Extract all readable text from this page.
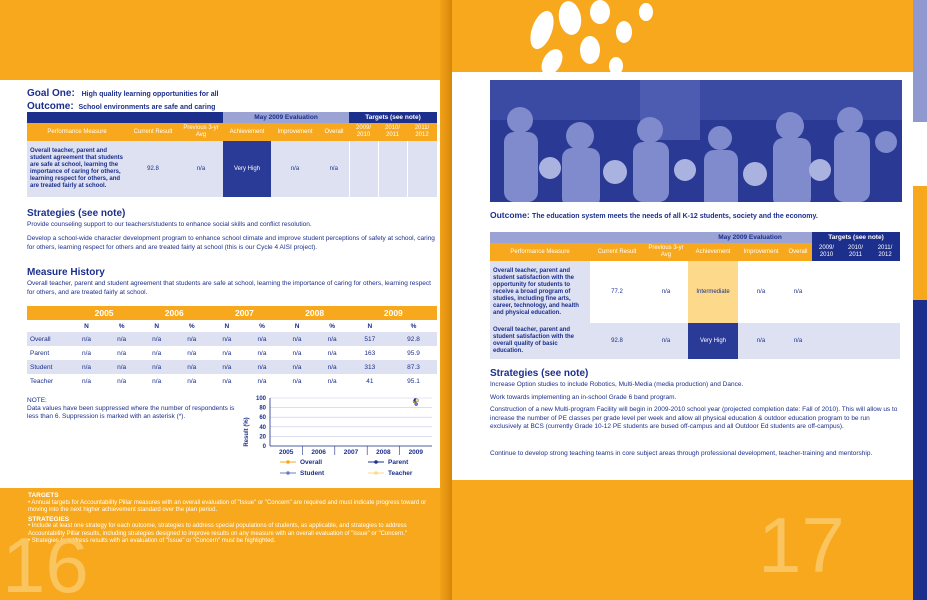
Goal One: High quality learning opportunities for all
Outcome: School environments are safe and caring
			May 2009 Evaluation			Targets (see note)		
Performance Measure	Current Result	Previous 3-yr Avg	Achievement	Improvement	Overall	2009/ 2010	2010/ 2011	2011/ 2012
Overall teacher, parent and student agreement that students are safe at school, learning the importance of caring for others, learning respect for others, and are treated fairly at school.	92.8	n/a	Very High	n/a	n/a			
Strategies (see note)
Provide counseling support to our teachers/students to enhance social skills and conflict resolution.
Develop a school-wide character development program to enhance school climate and improve student perceptions of safety at school, caring for others, learning respect for others and are treated fairly at school (this is our Cycle 4 AISI project).
Measure History
Overall teacher, parent and student agreement that students are safe at school, learning the importance of caring for others, learning respect for others, and are treated fairly at school.
	2005		2006		2007		2008		2009	
	N	%	N	%	N	%	N	%	N	%
Overall	n/a	n/a	n/a	n/a	n/a	n/a	n/a	n/a	517	92.8
Parent	n/a	n/a	n/a	n/a	n/a	n/a	n/a	n/a	163	95.9
Student	n/a	n/a	n/a	n/a	n/a	n/a	n/a	n/a	313	87.3
Teacher	n/a	n/a	n/a	n/a	n/a	n/a	n/a	n/a	41	95.1
NOTE:
Data values have been suppressed where the number of respondents is less than 6. Suppression is marked with an asterisk (*).
0
20
40
60
80
100
Result (%)
2005	2006	2007	2008	2009
Overall	Parent
Student	Teacher
Please Note:
TARGETS
• Annual targets for Accountability Pillar measures with an overall evaluation of "Issue" or "Concern" are required and must indicate progress toward or moving into the next higher achievement standard over the plan period.
STRATEGIES
• Include at least one strategy for each outcome, strategies to address special populations of students, as applicable, and strategies to address Accountability Pillar results, including strategies designed to improve results on any measure with an overall evaluation of "Issue" or "Concern."
• Strategies to address results with an evaluation of "Issue" or "Concern" must be highlighted.
16
Outcome: The education system meets the needs of all K-12 students, society and the economy.
			May 2009 Evaluation			Targets (see note)		
Performance Measure	Current Result	Previous 3-yr Avg	Achievement	Improvement	Overall	2009/ 2010	2010/ 2011	2011/ 2012
Overall teacher, parent and student satisfaction with the opportunity for students to receive a broad program of studies, including fine arts, career, technology, and health and physical education.	77.2	n/a	Intermediate	n/a	n/a			
Overall teacher, parent and student satisfaction with the overall quality of basic education.	92.8	n/a	Very High	n/a	n/a			
Strategies (see note)
Increase Option studies to include Robotics, Multi-Media (media production) and Dance.
Work towards implementing an in-school Grade 6 band program.
Construction of a new Multi-program Facility will begin in 2009-2010 school year (projected completion date: Fall of 2010). This will allow us to increase the number of PE classes per grade level per week and allow all physical education & outdoor education program to be run exclusively at BCS (currently Grade 10-12 PE students are bused off-campus and all Outdoor Ed students are off-campus).
Continue to develop strong teaching teams in core subject areas through professional development, teacher-training and mentorship.
17
